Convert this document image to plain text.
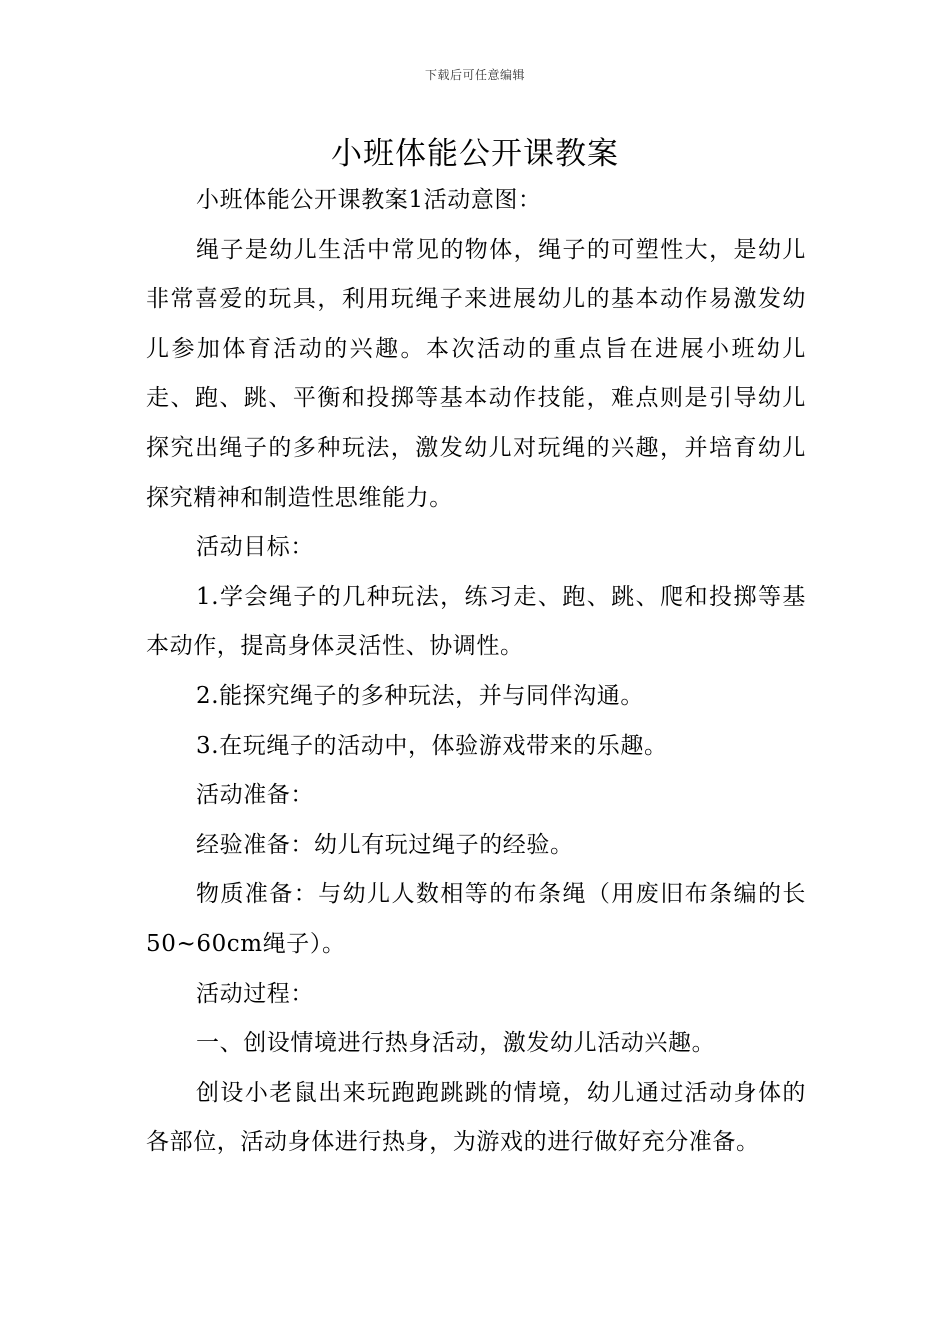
下载后可任意编辑
小班体能公开课教案

小班体能公开课教案1活动意图：

绳子是幼儿生活中常见的物体，绳子的可塑性大，是幼儿非常喜爱的玩具，利用玩绳子来进展幼儿的基本动作易激发幼儿参加体育活动的兴趣。本次活动的重点旨在进展小班幼儿走、跑、跳、平衡和投掷等基本动作技能，难点则是引导幼儿探究出绳子的多种玩法，激发幼儿对玩绳的兴趣，并培育幼儿探究精神和制造性思维能力。

活动目标：

1.学会绳子的几种玩法，练习走、跑、跳、爬和投掷等基本动作，提高身体灵活性、协调性。

2.能探究绳子的多种玩法，并与同伴沟通。

3.在玩绳子的活动中，体验游戏带来的乐趣。

活动准备：

经验准备：幼儿有玩过绳子的经验。

物质准备：与幼儿人数相等的布条绳（用废旧布条编的长50~60cm绳子）。

活动过程：

一、创设情境进行热身活动，激发幼儿活动兴趣。

创设小老鼠出来玩跑跑跳跳的情境，幼儿通过活动身体的各部位，活动身体进行热身，为游戏的进行做好充分准备。
